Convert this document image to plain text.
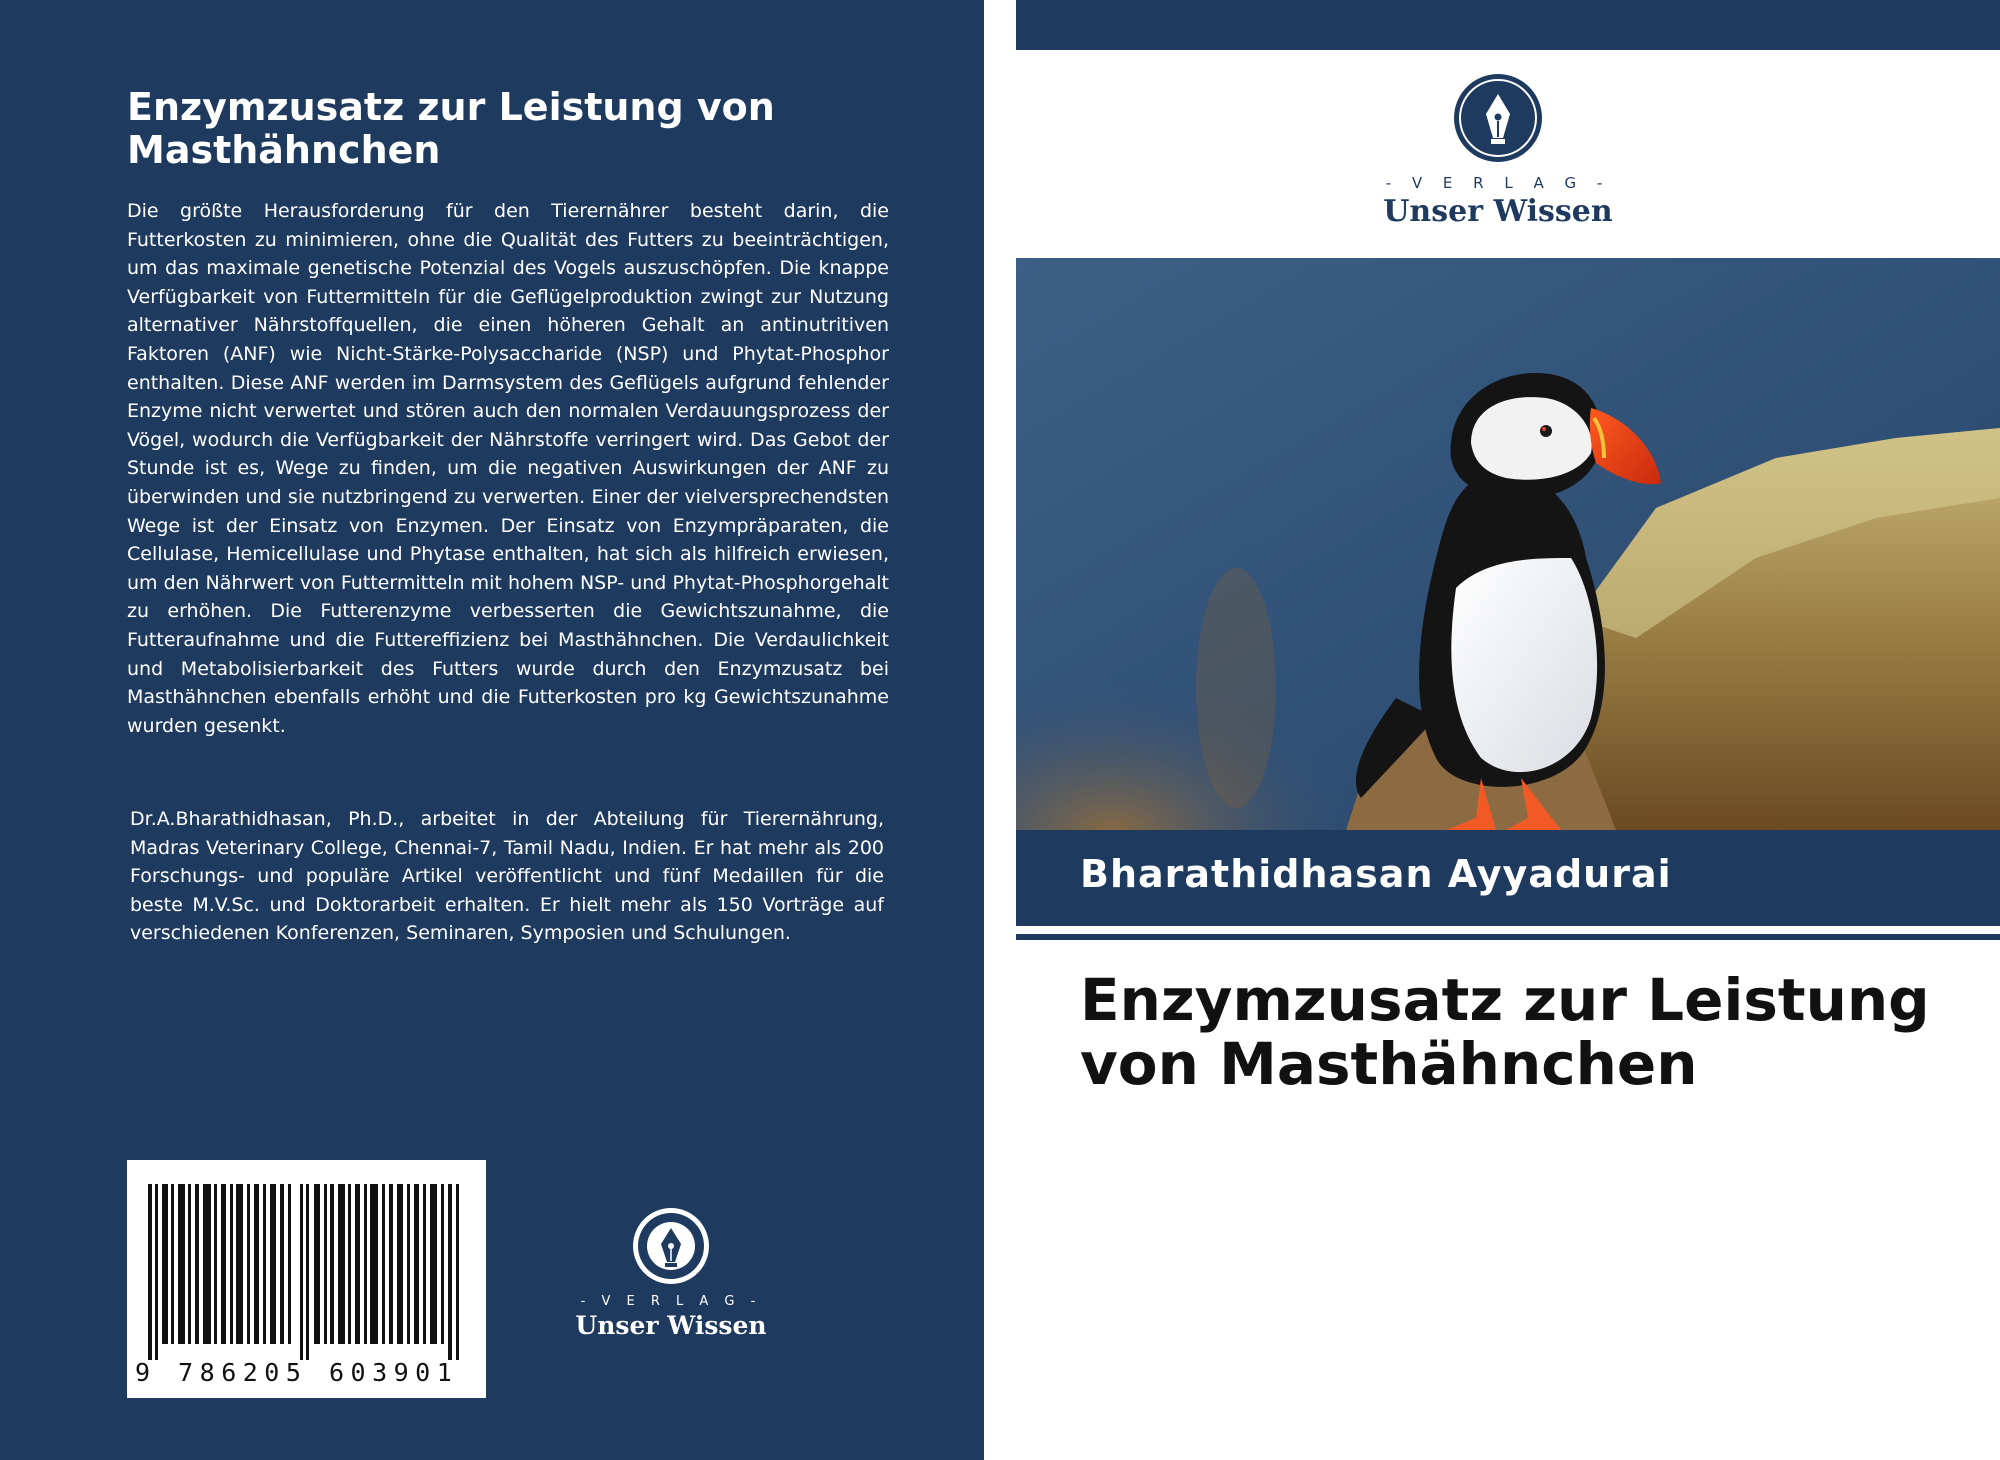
Enzymzusatz zur Leistung von Masthähnchen

Die größte Herausforderung für den Tierernährer besteht darin, die Futterkosten zu minimieren, ohne die Qualität des Futters zu beeinträchtigen, um das maximale genetische Potenzial des Vogels auszuschöpfen. Die knappe Verfügbarkeit von Futtermitteln für die Geflügelproduktion zwingt zur Nutzung alternativer Nährstoffquellen, die einen höheren Gehalt an antinutritiven Faktoren (ANF) wie Nicht-Stärke-Polysaccharide (NSP) und Phytat-Phosphor enthalten. Diese ANF werden im Darmsystem des Geflügels aufgrund fehlender Enzyme nicht verwertet und stören auch den normalen Verdauungsprozess der Vögel, wodurch die Verfügbarkeit der Nährstoffe verringert wird. Das Gebot der Stunde ist es, Wege zu finden, um die negativen Auswirkungen der ANF zu überwinden und sie nutzbringend zu verwerten. Einer der vielversprechendsten Wege ist der Einsatz von Enzymen. Der Einsatz von Enzympräparaten, die Cellulase, Hemicellulase und Phytase enthalten, hat sich als hilfreich erwiesen, um den Nährwert von Futtermitteln mit hohem NSP- und Phytat-Phosphorgehalt zu erhöhen. Die Futterenzyme verbesserten die Gewichtszunahme, die Futteraufnahme und die Futtereffizienz bei Masthähnchen. Die Verdaulichkeit und Metabolisierbarkeit des Futters wurde durch den Enzymzusatz bei Masthähnchen ebenfalls erhöht und die Futterkosten pro kg Gewichtszunahme wurden gesenkt.

Dr.A.Bharathidhasan, Ph.D., arbeitet in der Abteilung für Tierernährung, Madras Veterinary College, Chennai-7, Tamil Nadu, Indien. Er hat mehr als 200 Forschungs- und populäre Artikel veröffentlicht und fünf Medaillen für die beste M.V.Sc. und Doktorarbeit erhalten. Er hielt mehr als 150 Vorträge auf verschiedenen Konferenzen, Seminaren, Symposien und Schulungen.

9 786205 603901
- V E R L A G -
Unser Wissen
- V E R L A G -
Unser Wissen
Bharathidhasan Ayyadurai
Enzymzusatz zur Leistung von Masthähnchen
